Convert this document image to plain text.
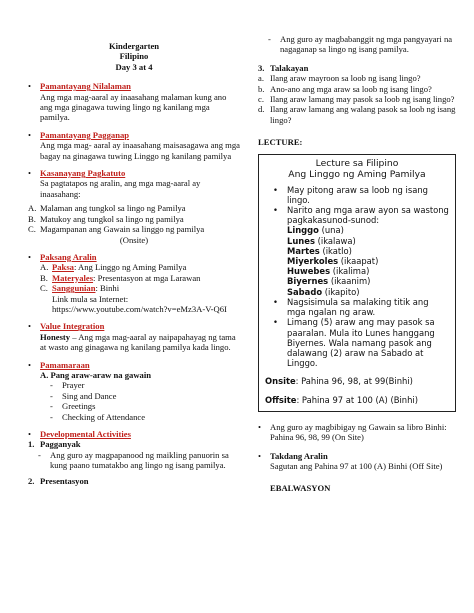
Kindergarten
Filipino
Day 3 at 4
• Pamantayang Nilalaman
Ang mga mag-aaral ay inaasahang malaman kung ano ang mga ginagawa tuwing lingo ng kanilang mga pamilya.
• Pamantayang Pagganap
Ang mga mag- aaral ay inaasahang maisasagawa ang mga bagay na ginagawa tuwing Linggo ng kanilang pamilya
• Kasanayang Pagkatuto
Sa pagtatapos ng aralin, ang mga mag-aaral ay inaasahang:
A. Malaman ang tungkol sa lingo ng Pamilya
B. Matukoy ang tungkol sa lingo ng pamilya
C. Magampanan ang Gawain sa linggo ng pamilya
(Onsite)
• Paksang Aralin
A. Paksa: Ang Linggo ng Aming Pamilya
B. Materyales: Presentasyon at mga Larawan
C. Sanggunian: Binhi
Link mula sa Internet:
https://www.youtube.com/watch?v=eMz3A-V-Q6I
• Value Integration
Honesty – Ang mga mag-aaral ay naipapahayag ng tama at wasto ang ginagawa ng kanilang pamilya kada lingo.
• Pamamaraan
A. Pang araw-araw na gawain
- Prayer
- Sing and Dance
- Greetings
- Checking of Attendance
• Developmental Activities
1. Pagganyak
- Ang guro ay magpapanood ng maikling panuorin sa kung paano tumatakbo ang lingo ng isang pamilya.
2. Presentasyon
- Ang guro ay magbabanggit ng mga pangyayari na nagaganap sa lingo ng isang pamilya.
3. Talakayan
a. Ilang araw mayroon sa loob ng isang lingo?
b. Ano-ano ang mga araw sa loob ng isang lingo?
c. Ilang araw lamang may pasok sa loob ng isang lingo?
d. Ilang araw lamang ang walang pasok sa loob ng isang lingo?
LECTURE:
Lecture sa Filipino
Ang Linggo ng Aming Pamilya
• May pitong araw sa loob ng isang lingo.
• Narito ang mga araw ayon sa wastong pagkakasunod-sunod:
Linggo (una)
Lunes (ikalawa)
Martes (ikatlo)
Miyerkoles (ikaapat)
Huwebes (ikalima)
Biyernes (ikaanim)
Sabado (ikapito)
• Nagsisimula sa malaking titik ang mga ngalan ng araw.
• Limang (5) araw ang may pasok sa paaralan. Mula ito Lunes hanggang Biyernes. Wala namang pasok ang dalawang (2) araw na Sabado at Linggo.
Onsite: Pahina 96, 98, at 99(Binhi)
Offsite: Pahina 97 at 100 (A) (Binhi)
• Ang guro ay magbibigay ng Gawain sa libro Binhi: Pahina 96, 98, 99 (On Site)
• Takdang Aralin
Sagutan ang Pahina 97 at 100 (A) Binhi (Off Site)
EBALWASYON
